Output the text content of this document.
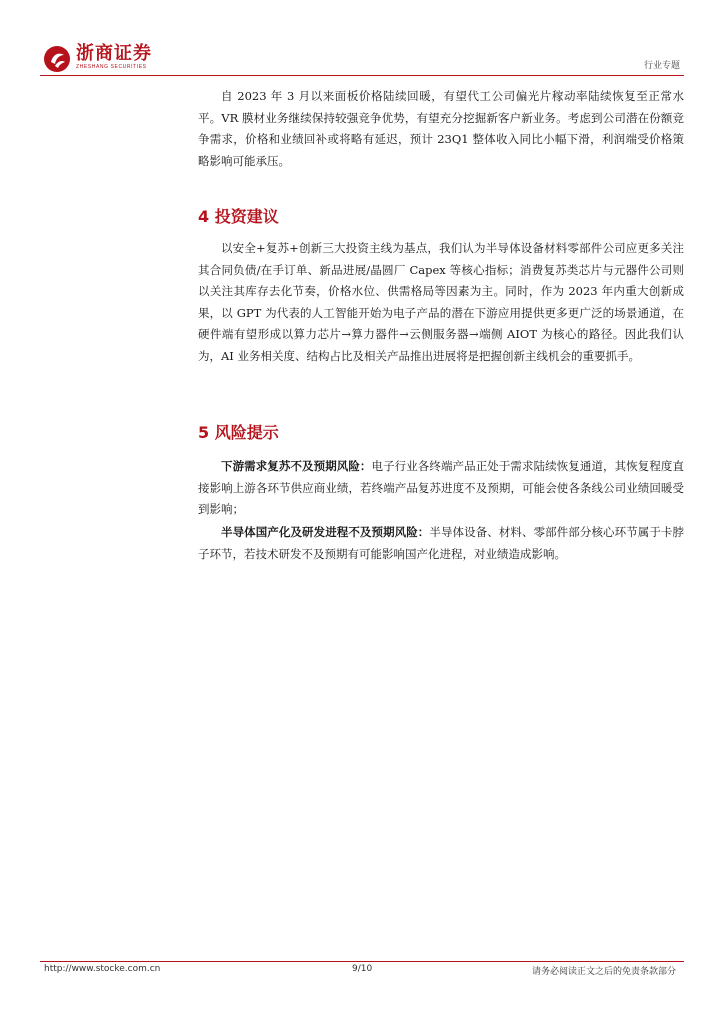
浙商证券
ZHESHANG SECURITIES	行业专题

自 2023 年 3 月以来面板价格陆续回暖，有望代工公司偏光片稼动率陆续恢复至正常水平。VR 膜材业务继续保持较强竞争优势，有望充分挖掘新客户新业务。考虑到公司潜在份额竞争需求，价格和业绩回补或将略有延迟，预计 23Q1 整体收入同比小幅下滑，利润端受价格策略影响可能承压。

4 投资建议

以安全+复苏+创新三大投资主线为基点，我们认为半导体设备材料零部件公司应更多关注其合同负债/在手订单、新品进展/晶圆厂 Capex 等核心指标；消费复苏类芯片与元器件公司则以关注其库存去化节奏，价格水位、供需格局等因素为主。同时，作为 2023 年内重大创新成果，以 GPT 为代表的人工智能开始为电子产品的潜在下游应用提供更多更广泛的场景通道，在硬件端有望形成以算力芯片→算力器件→云侧服务器→端侧 AIOT 为核心的路径。因此我们认为，AI 业务相关度、结构占比及相关产品推出进展将是把握创新主线机会的重要抓手。

5 风险提示

下游需求复苏不及预期风险：电子行业各终端产品正处于需求陆续恢复通道，其恢复程度直接影响上游各环节供应商业绩，若终端产品复苏进度不及预期，可能会使各条线公司业绩回暖受到影响；

半导体国产化及研发进程不及预期风险：半导体设备、材料、零部件部分核心环节属于卡脖子环节，若技术研发不及预期有可能影响国产化进程，对业绩造成影响。

http://www.stocke.com.cn	9/10	请务必阅读正文之后的免责条款部分
